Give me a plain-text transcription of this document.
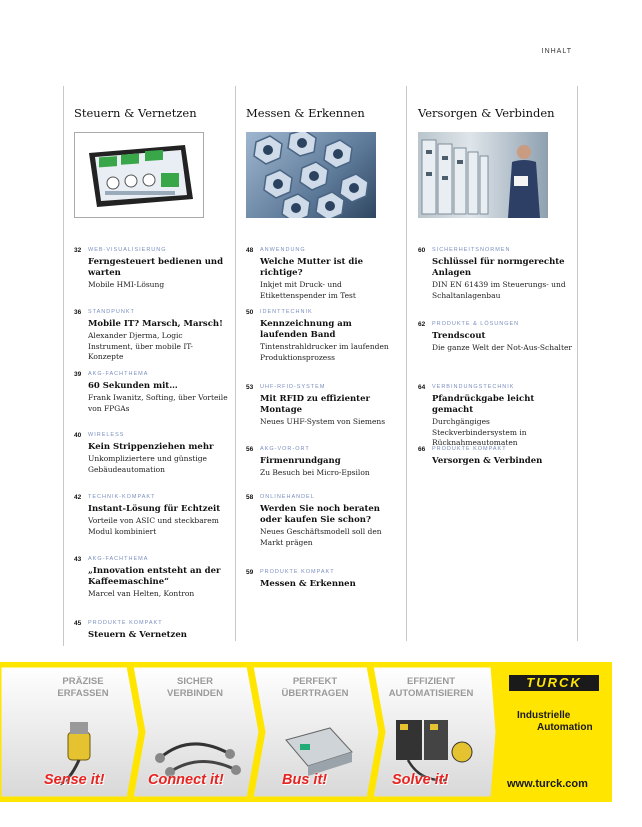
INHALT
Steuern & Vernetzen
32 WEB-VISUALISIERUNG
Ferngesteuert bedienen und warten
Mobile HMI-Lösung
36 STANDPUNKT
Mobile IT? Marsch, Marsch!
Alexander Djerma, Logic Instrument, über mobile IT-Konzepte
39 AKG-FACHTHEMA
60 Sekunden mit…
Frank Iwanitz, Softing, über Vorteile von FPGAs
40 WIRELESS
Kein Strippenziehen mehr
Unkompliziertere und günstige Gebäudeautomation
42 TECHNIK-KOMPAKT
Instant-Lösung für Echtzeit
Vorteile von ASIC und steckbarem Modul kombiniert
43 AKG-FACHTHEMA
„Innovation entsteht an der Kaffeemaschine“
Marcel van Helten, Kontron
45 PRODUKTE KOMPAKT
Steuern & Vernetzen
Messen & Erkennen
48 ANWENDUNG
Welche Mutter ist die richtige?
Inkjet mit Druck- und Etikettenspender im Test
50 IDENTTECHNIK
Kennzeichnung am laufenden Band
Tintenstrahldrucker im laufenden Produktionsprozess
53 UHF-RFID-SYSTEM
Mit RFID zu effizienter Montage
Neues UHF-System von Siemens
56 AKG-VOR-ORT
Firmenrundgang
Zu Besuch bei Micro-Epsilon
58 ONLINEHANDEL
Werden Sie noch beraten oder kaufen Sie schon?
Neues Geschäftsmodell soll den Markt prägen
59 PRODUKTE KOMPAKT
Messen & Erkennen
Versorgen & Verbinden
60 SICHERHEITSNORMEN
Schlüssel für normgerechte Anlagen
DIN EN 61439 im Steuerungs- und Schaltanlagenbau
62 PRODUKTE & LÖSUNGEN
Trendscout
Die ganze Welt der Not-Aus-Schalter
64 VERBINDUNGSTECHNIK
Pfandrückgabe leicht gemacht
Durchgängiges Steckverbindersystem in Rücknahmeautomaten
66 PRODUKTE KOMPAKT
Versorgen & Verbinden
PRÄZISE ERFASSEN
SICHER VERBINDEN
PERFEKT ÜBERTRAGEN
EFFIZIENT AUTOMATISIEREN
Sense it!	Connect it!	Bus it!	Solve it!
TURCK
Industrielle
Automation
www.turck.com
